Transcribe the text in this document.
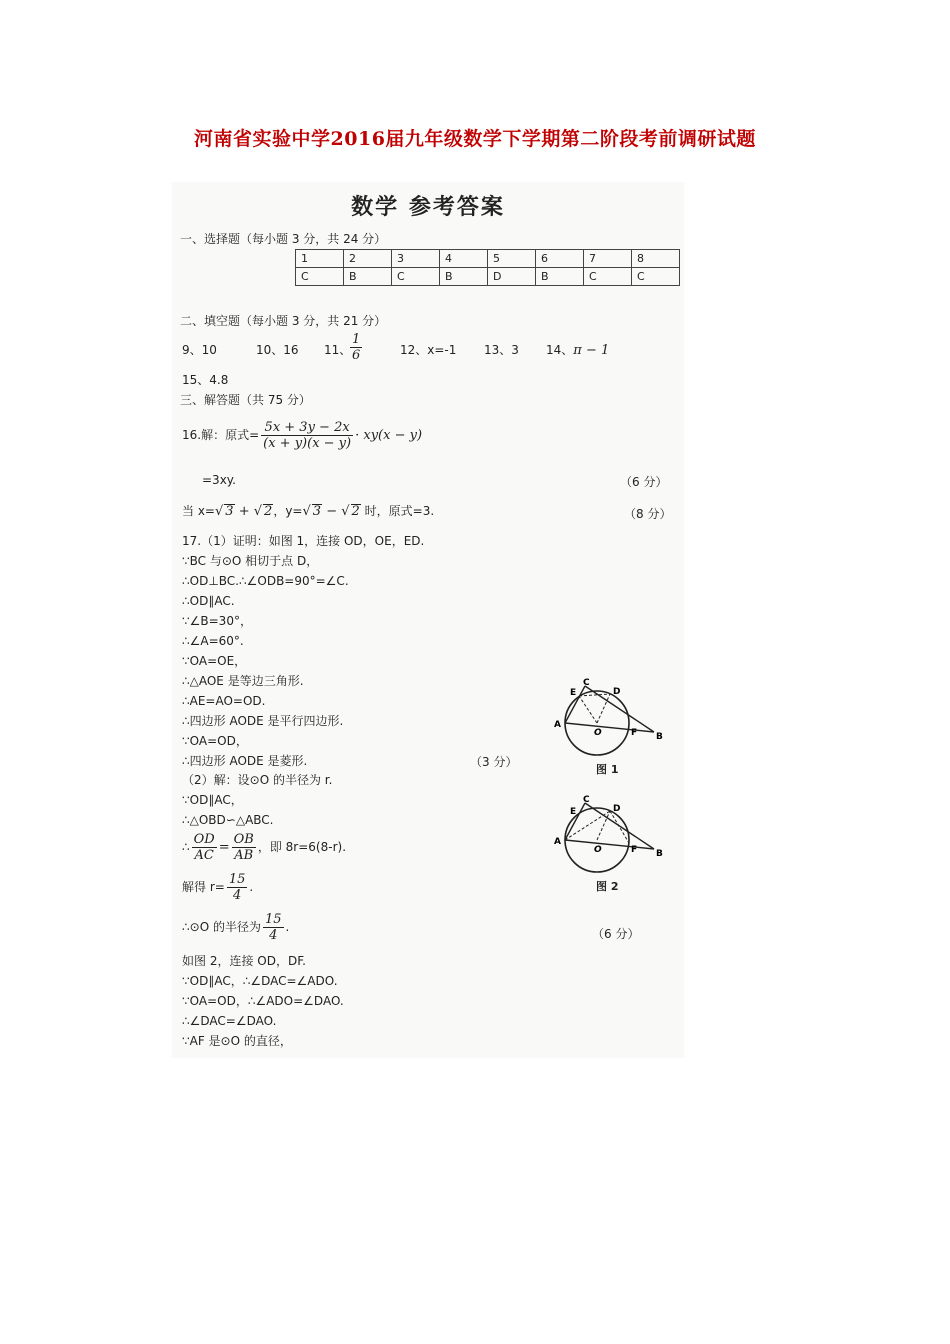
河南省实验中学2016届九年级数学下学期第二阶段考前调研试题
数学 参考答案
一、选择题（每小题 3 分，共 24 分）
1	2	3	4	5	6	7	8
C	B	C	B	D	B	C	C
二、填空题（每小题 3 分，共 21 分）
9、10	10、16 11、
$\frac{1}{6}$	12、x=-1 13、3 14、π − 1
15、4.8
三、解答题（共 75 分）
16.解：原式= $\frac{5x + 3y - 2x}{(x + y)(x - y)} \cdot xy(x - y)$
=3xy.	（6 分）
当 x=√ 3 + √ 2，y=√ 3 − √ 2 时，原式=3.	（8 分）
17.（1）证明：如图 1，连接 OD，OE，ED.
∵BC 与⊙O 相切于点 D，
∴OD⊥BC.∴∠ODB=90°=∠C.
∴OD∥AC.
∵∠B=30°，
∴∠A=60°.
∵OA=OE，
∴△AOE 是等边三角形.
∴AE=AO=OD.
∴四边形 AODE 是平行四边形.
∵OA=OD，
∴四边形 AODE 是菱形.	（3 分）
（2）解：设⊙O 的半径为 r.
∵OD∥AC，
∴△OBD∽△ABC.
∴ $\frac{OD}{AC} = \frac{OB}{AB}$ ，即 8r=6(8-r).
解得 $r= \frac{15}{4}$ .
∴⊙O 的半径为 $\frac{15}{4}$ .	（6 分）
如图 2，连接 OD，DF.
∵OD∥AC，∴∠DAC=∠ADO.
∵OA=OD，∴∠ADO=∠DAO.
∴∠DAC=∠DAO.
∵AF 是⊙O 的直径，
A
B
C
D
E
O	F
图 1
A
B
C
D
E
O	F
图 2
